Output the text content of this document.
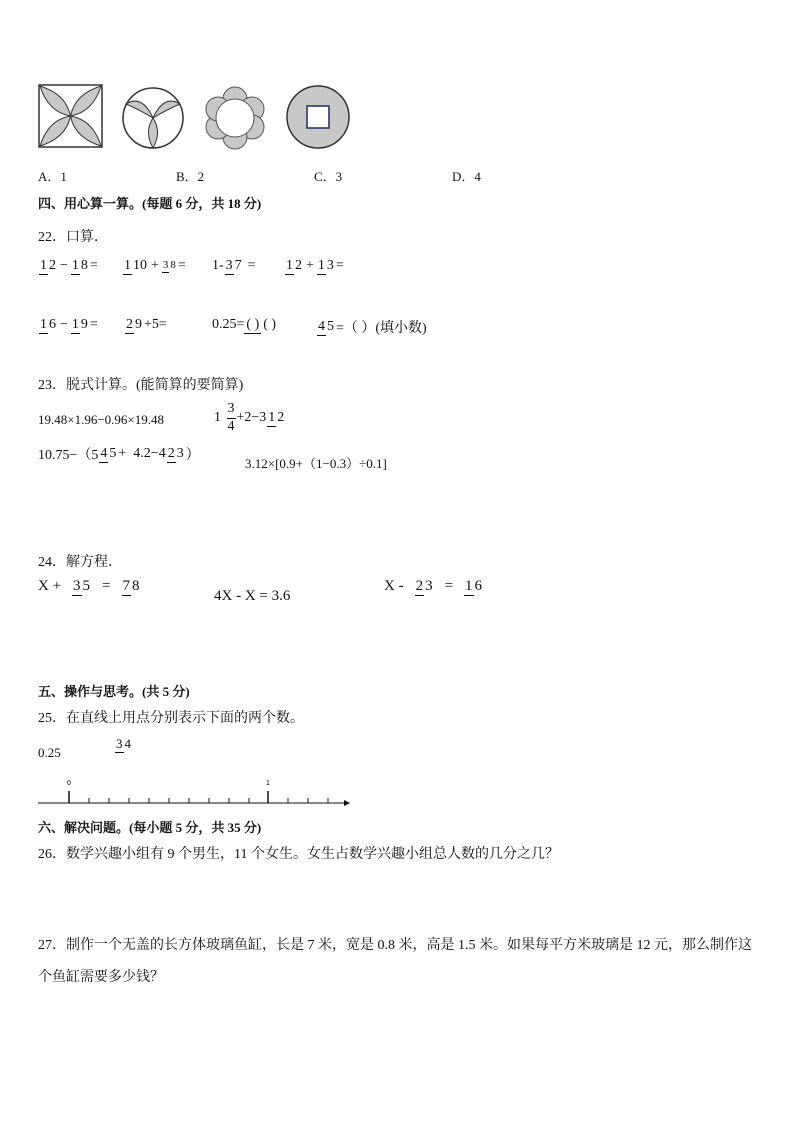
A．1	B．2	C．3	D．4
四、用心算一算。(每题 6 分，共 18 分)
22．口算．
1 2 − 1 8 = 1 10 + 3 8 = 1- 3 7 = 1 2 + 1 3 =
1 6 − 1 9 = 2 9 +5=	0.25= ( ) ( )	4 5 =（ ）(填小数)
23．脱式计算。(能简算的要简算)
19.48×1.96−0.96×19.48	$1 \frac{3}{4} +2-3$ 1 2
10.75−（5 4 5 +  4.2−4 2 3 ）
3.12×[0.9+（1−0.3）÷0.1]
24．解方程．
X + 3 5 = 7 8
4X - X = 3.6
X - 2 3 = 1 6
五、操作与思考。(共 5 分)
25．在直线上用点分别表示下面的两个数。
0.25
3 4
0	1
六、解决问题。(每小题 5 分，共 35 分)
26．数学兴趣小组有 9 个男生，11 个女生。女生占数学兴趣小组总人数的几分之几？
27．制作一个无盖的长方体玻璃鱼缸，长是 7 米，宽是 0.8 米，高是 1.5 米。如果每平方米玻璃是 12 元，那么制作这
个鱼缸需要多少钱？
